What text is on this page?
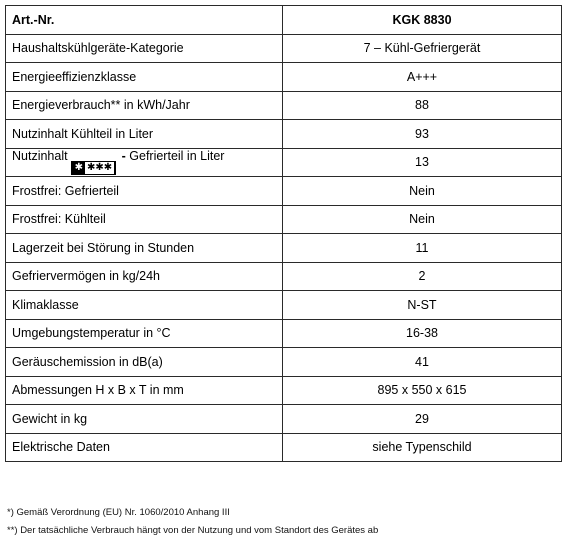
Art.-Nr.	KGK 8830
Haushaltskühlgeräte-Kategorie	7 – Kühl-Gefriergerät
Energieeffizienzklasse	A+++
Energieverbrauch** in kWh/Jahr	88
Nutzinhalt Kühlteil in Liter	93
Nutzinhalt✱ ✱✱✱ - Gefrierteil in Liter	13
Frostfrei: Gefrierteil	Nein
Frostfrei: Kühlteil	Nein
Lagerzeit bei Störung in Stunden	11
Gefriervermögen in kg/24h	2
Klimaklasse	N-ST
Umgebungstemperatur in °C	16-38
Geräuschemission in dB(a)	41
Abmessungen H x B x T in mm	895 x 550 x 615
Gewicht in kg	29
Elektrische Daten	siehe Typenschild
*) Gemäß Verordnung (EU) Nr. 1060/2010 Anhang III
**) Der tatsächliche Verbrauch hängt von der Nutzung und vom Standort des Gerätes ab
